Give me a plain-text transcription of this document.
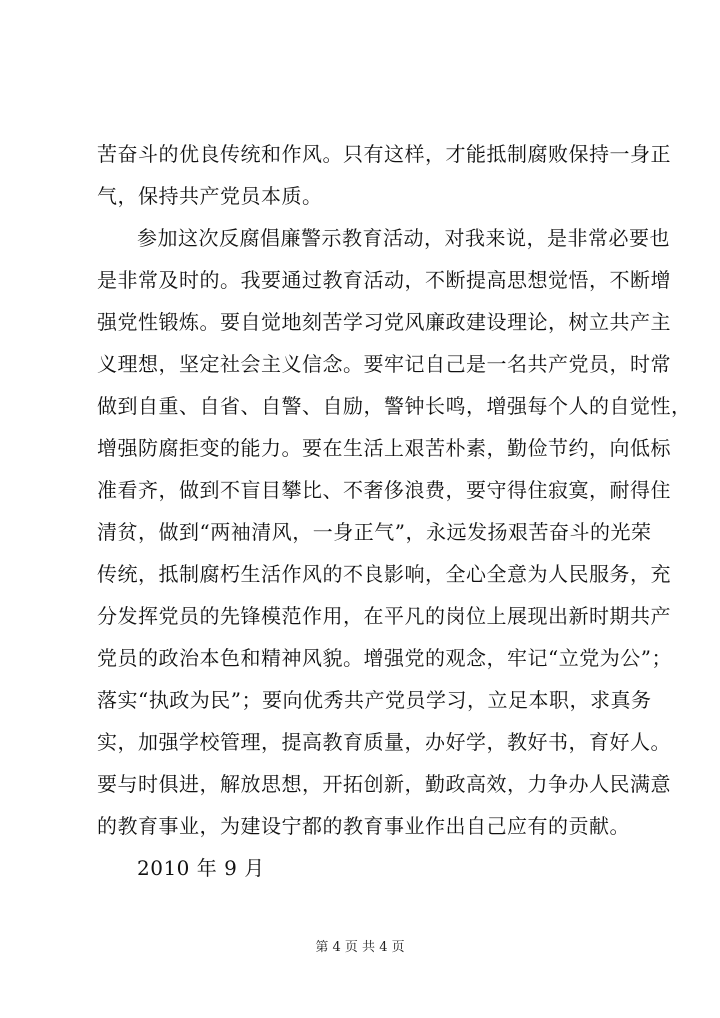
苦奋斗的优良传统和作风。只有这样，才能抵制腐败保持一身正
气，保持共产党员本质。
参加这次反腐倡廉警示教育活动，对我来说，是非常必要也
是非常及时的。我要通过教育活动，不断提高思想觉悟，不断增
强党性锻炼。要自觉地刻苦学习党风廉政建设理论，树立共产主
义理想，坚定社会主义信念。要牢记自己是一名共产党员，时常
做到自重、自省、自警、自励，警钟长鸣，增强每个人的自觉性，
增强防腐拒变的能力。要在生活上艰苦朴素，勤俭节约，向低标
准看齐，做到不盲目攀比、不奢侈浪费，要守得住寂寞，耐得住
清贫，做到“两袖清风，一身正气”，永远发扬艰苦奋斗的光荣
传统，抵制腐朽生活作风的不良影响，全心全意为人民服务，充
分发挥党员的先锋模范作用，在平凡的岗位上展现出新时期共产
党员的政治本色和精神风貌。增强党的观念，牢记“立党为公”；
落实“执政为民”；要向优秀共产党员学习，立足本职，求真务
实，加强学校管理，提高教育质量，办好学，教好书，育好人。
要与时俱进，解放思想，开拓创新，勤政高效，力争办人民满意
的教育事业，为建设宁都的教育事业作出自己应有的贡献。
2010 年 9 月
第 4 页 共 4 页
